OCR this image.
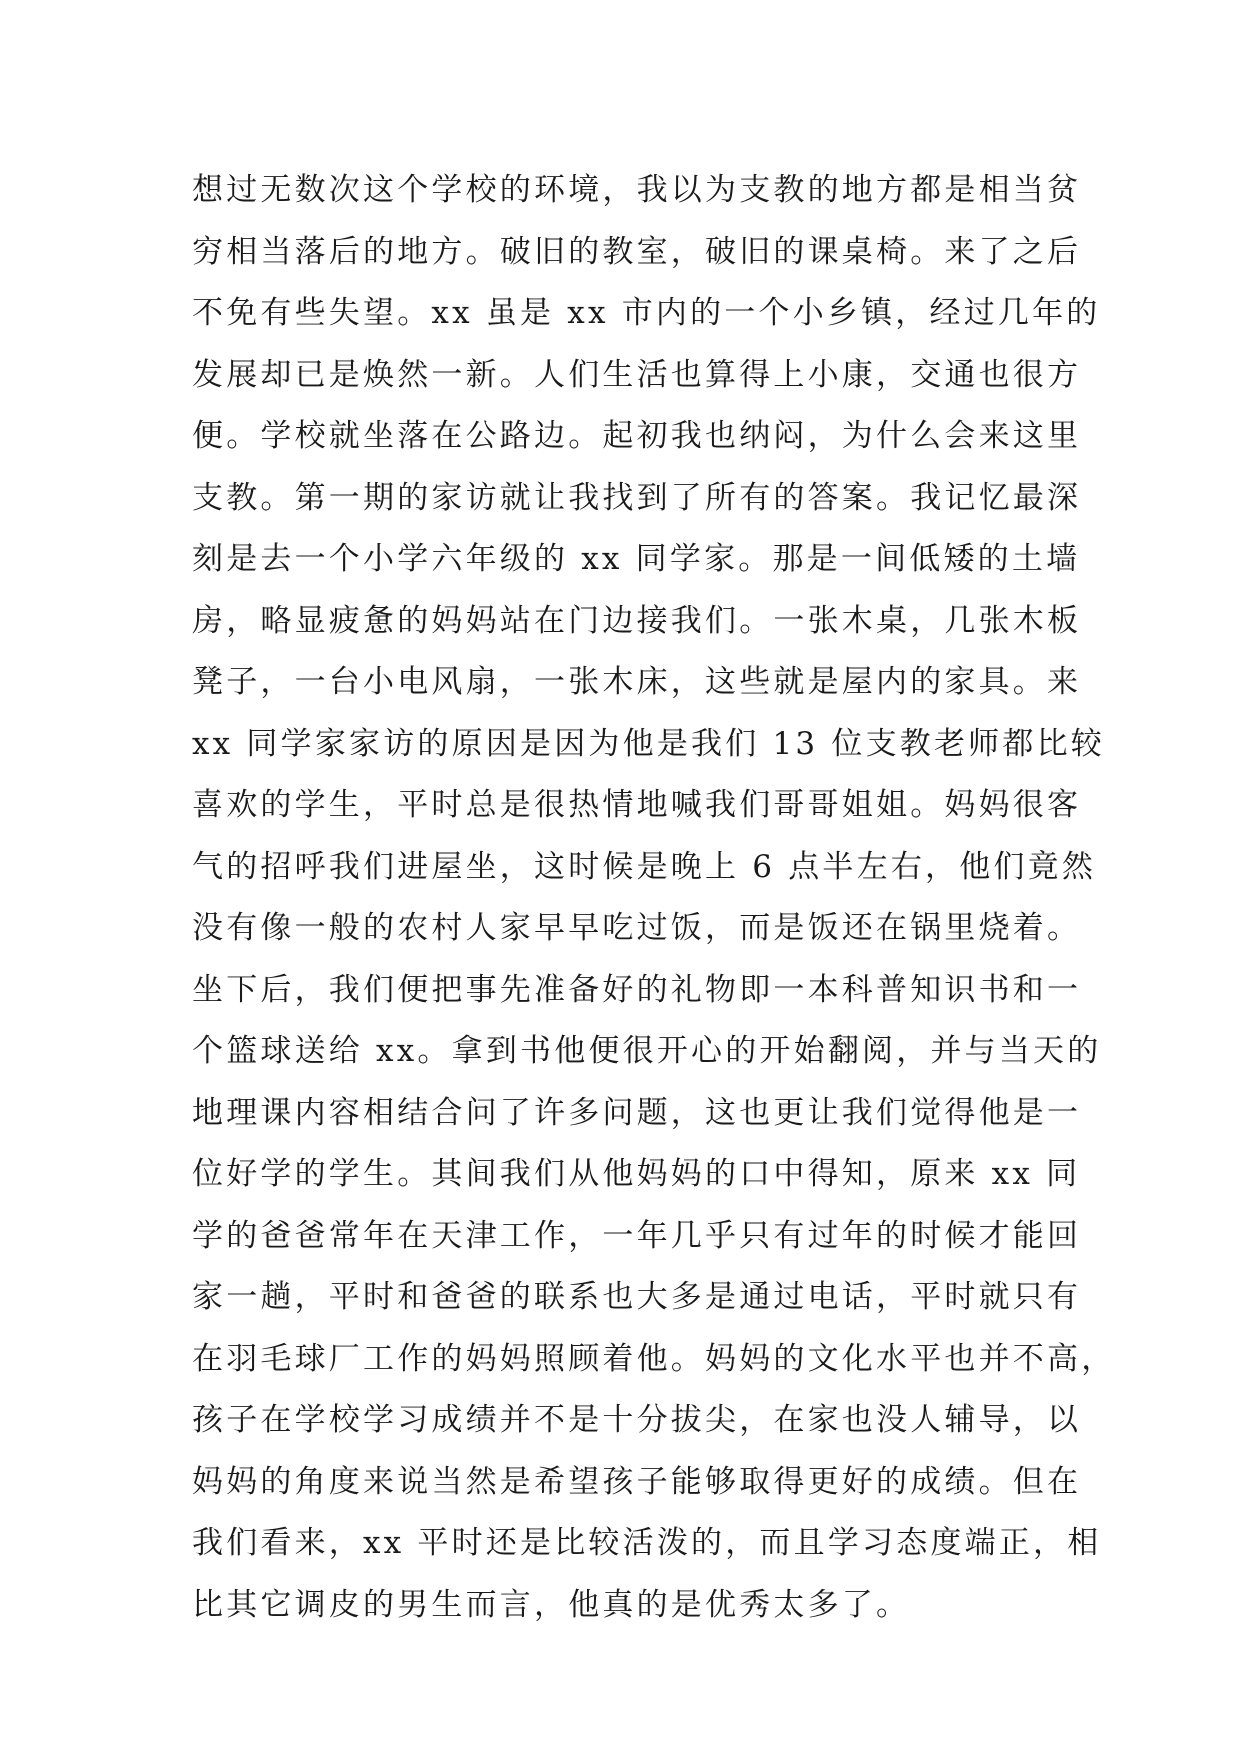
想过无数次这个学校的环境，我以为支教的地方都是相当贫
穷相当落后的地方。破旧的教室，破旧的课桌椅。来了之后
不免有些失望。xx 虽是 xx 市内的一个小乡镇，经过几年的
发展却已是焕然一新。人们生活也算得上小康，交通也很方
便。学校就坐落在公路边。起初我也纳闷，为什么会来这里
支教。第一期的家访就让我找到了所有的答案。我记忆最深
刻是去一个小学六年级的 xx 同学家。那是一间低矮的土墙
房，略显疲惫的妈妈站在门边接我们。一张木桌，几张木板
凳子，一台小电风扇，一张木床，这些就是屋内的家具。来
xx 同学家家访的原因是因为他是我们 13 位支教老师都比较
喜欢的学生，平时总是很热情地喊我们哥哥姐姐。妈妈很客
气的招呼我们进屋坐，这时候是晚上 6 点半左右，他们竟然
没有像一般的农村人家早早吃过饭，而是饭还在锅里烧着。
坐下后，我们便把事先准备好的礼物即一本科普知识书和一
个篮球送给 xx。拿到书他便很开心的开始翻阅，并与当天的
地理课内容相结合问了许多问题，这也更让我们觉得他是一
位好学的学生。其间我们从他妈妈的口中得知，原来 xx 同
学的爸爸常年在天津工作，一年几乎只有过年的时候才能回
家一趟，平时和爸爸的联系也大多是通过电话，平时就只有
在羽毛球厂工作的妈妈照顾着他。妈妈的文化水平也并不高，
孩子在学校学习成绩并不是十分拔尖，在家也没人辅导，以
妈妈的角度来说当然是希望孩子能够取得更好的成绩。但在
我们看来，xx 平时还是比较活泼的，而且学习态度端正，相
比其它调皮的男生而言，他真的是优秀太多了。
